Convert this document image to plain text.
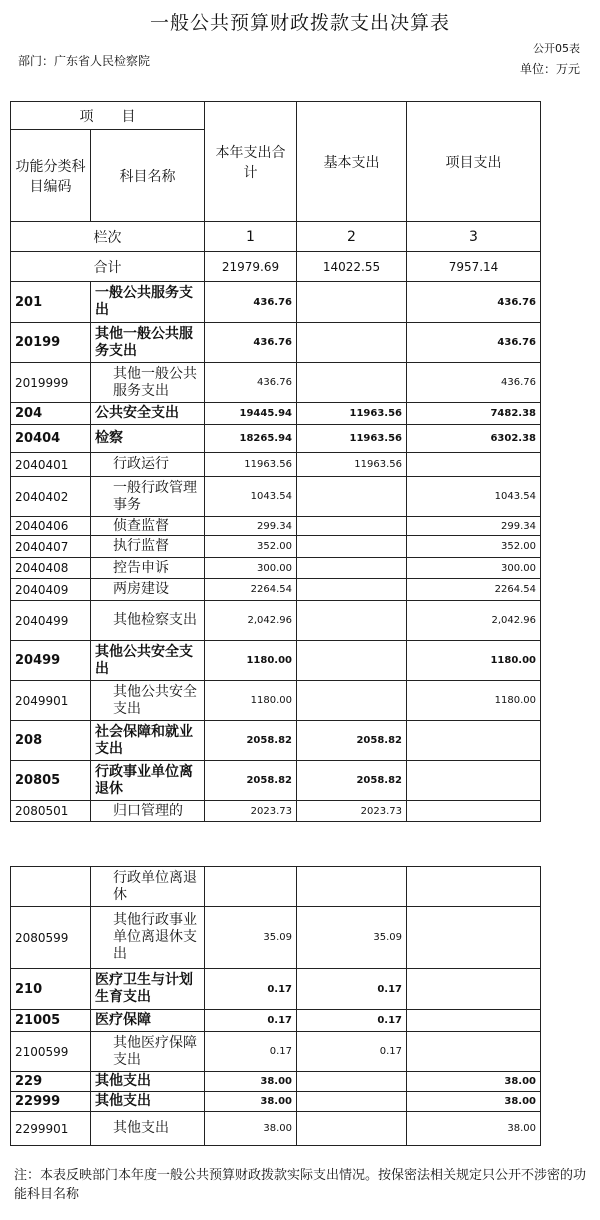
一般公共预算财政拨款支出决算表
部门：广东省人民检察院
公开05表
单位：万元
项　　目		本年支出合计	基本支出	项目支出
功能分类科目编码	科目名称			
栏次		1	2	3
合计		21979.69	14022.55	7957.14
201	一般公共服务支出	436.76		436.76
20199	其他一般公共服务支出	436.76		436.76
2019999	其他一般公共服务支出	436.76		436.76
204	公共安全支出	19445.94	11963.56	7482.38
20404	检察	18265.94	11963.56	6302.38
2040401	行政运行	11963.56	11963.56	
2040402	一般行政管理事务	1043.54		1043.54
2040406	侦查监督	299.34		299.34
2040407	执行监督	352.00		352.00
2040408	控告申诉	300.00		300.00
2040409	两房建设	2264.54		2264.54
2040499	其他检察支出	2,042.96		2,042.96
20499	其他公共安全支出	1180.00		1180.00
2049901	其他公共安全支出	1180.00		1180.00
208	社会保障和就业支出	2058.82	2058.82	
20805	行政事业单位离退休	2058.82	2058.82	
2080501	归口管理的	2023.73	2023.73	
	行政单位离退休			
2080599	其他行政事业单位离退休支出	35.09	35.09	
210	医疗卫生与计划生育支出	0.17	0.17	
21005	医疗保障	0.17	0.17	
2100599	其他医疗保障支出	0.17	0.17	
229	其他支出	38.00		38.00
22999	其他支出	38.00		38.00
2299901	其他支出	38.00		38.00
注：本表反映部门本年度一般公共预算财政拨款实际支出情况。按保密法相关规定只公开不涉密的功能科目名称
